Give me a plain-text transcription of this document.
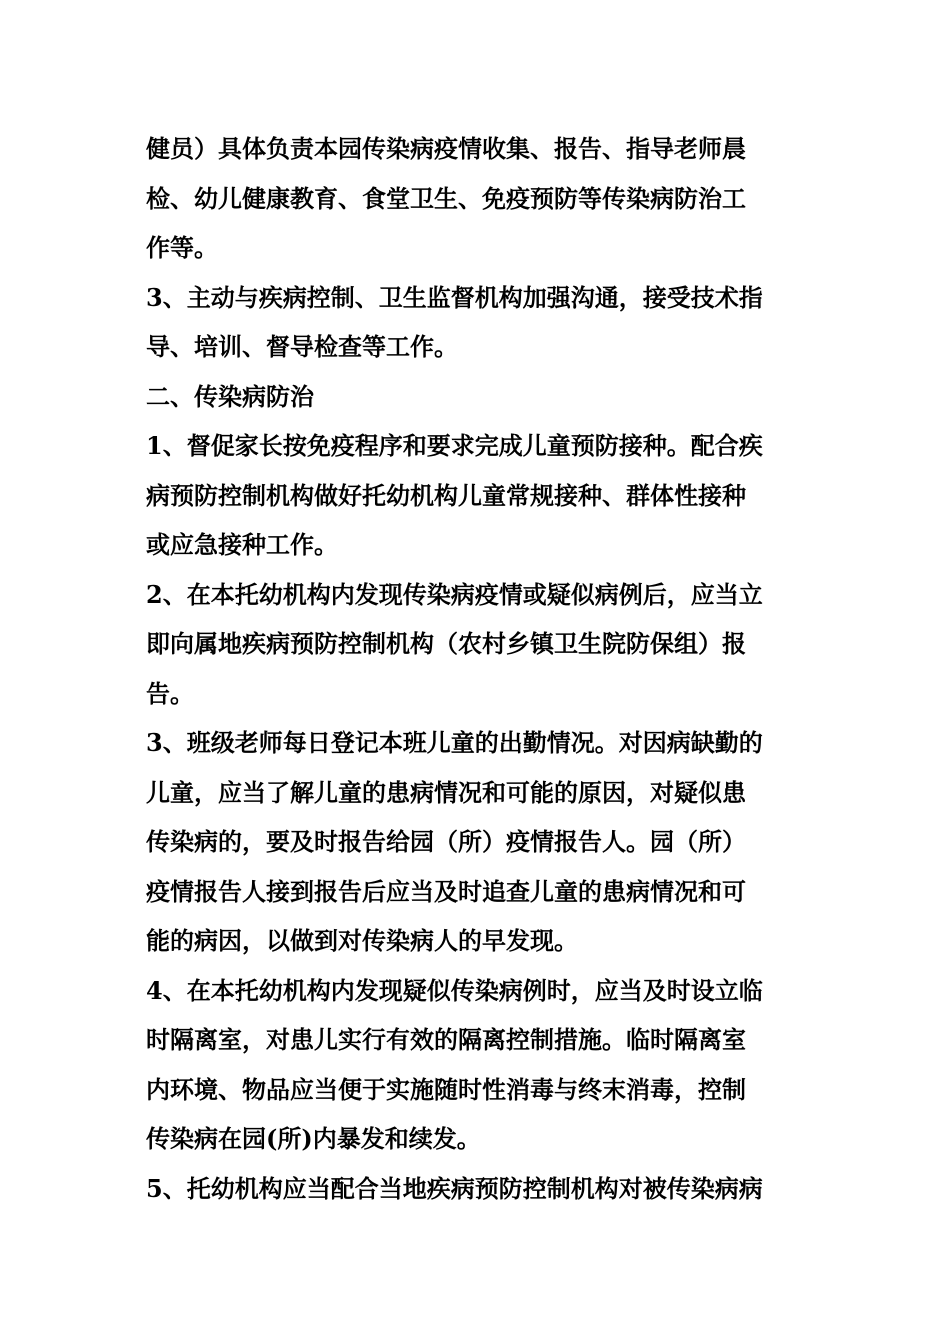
健员）具体负责本园传染病疫情收集、报告、指导老师晨
检、幼儿健康教育、食堂卫生、免疫预防等传染病防治工
作等。
3、主动与疾病控制、卫生监督机构加强沟通，接受技术指
导、培训、督导检查等工作。
二、传染病防治
1、督促家长按免疫程序和要求完成儿童预防接种。配合疾
病预防控制机构做好托幼机构儿童常规接种、群体性接种
或应急接种工作。
2、在本托幼机构内发现传染病疫情或疑似病例后，应当立
即向属地疾病预防控制机构（农村乡镇卫生院防保组）报
告。
3、班级老师每日登记本班儿童的出勤情况。对因病缺勤的
儿童，应当了解儿童的患病情况和可能的原因，对疑似患
传染病的，要及时报告给园（所）疫情报告人。园（所）
疫情报告人接到报告后应当及时追查儿童的患病情况和可
能的病因，以做到对传染病人的早发现。
4、在本托幼机构内发现疑似传染病例时，应当及时设立临
时隔离室，对患儿实行有效的隔离控制措施。临时隔离室
内环境、物品应当便于实施随时性消毒与终末消毒，控制
传染病在园(所)内暴发和续发。
5、托幼机构应当配合当地疾病预防控制机构对被传染病病
